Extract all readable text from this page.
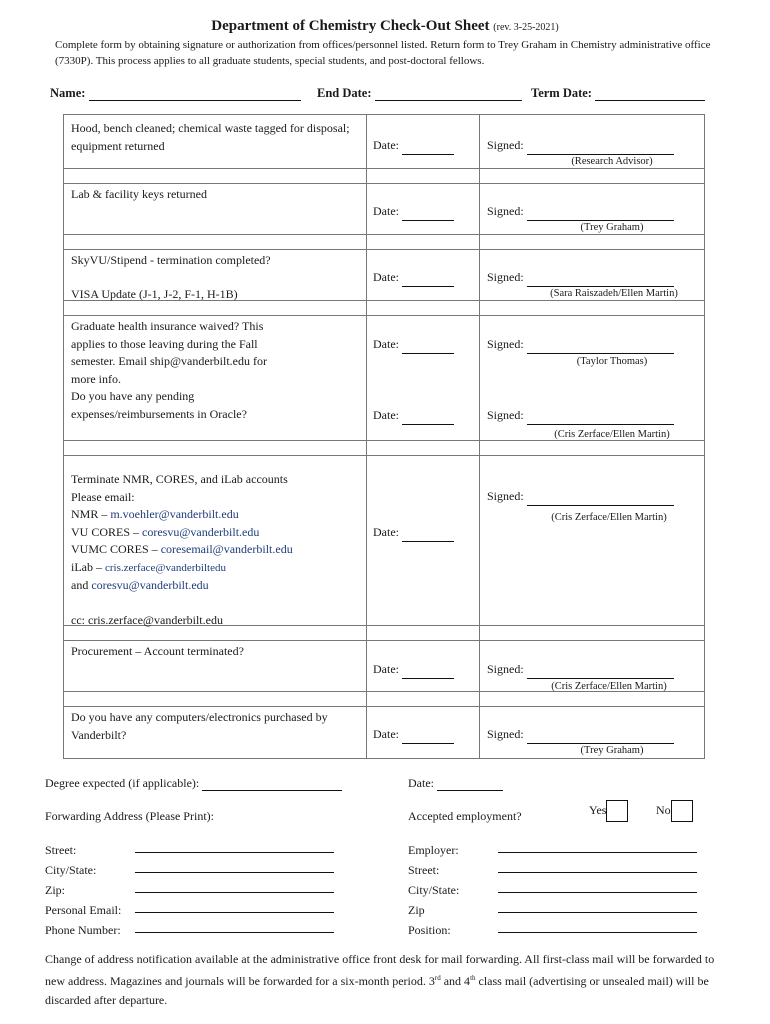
Department of Chemistry Check-Out Sheet (rev. 3-25-2021)
Complete form by obtaining signature or authorization from offices/personnel listed. Return form to Trey Graham in Chemistry administrative office (7330P). This process applies to all graduate students, special students, and post-doctoral fellows.
Name:	End Date:	Term Date:
Hood, bench cleaned; chemical waste tagged for disposal; equipment returned	Date:	Signed:
(Research Advisor)
Lab & facility keys returned
Date:	Signed:
(Trey Graham)
SkyVU/Stipend - termination completed?
VISA Update (J-1, J-2, F-1, H-1B)
Date:	Signed:
(Sara Raiszadeh/Ellen Martin)
Graduate health insurance waived? This applies to those leaving during the Fall semester. Email ship@vanderbilt.edu for more info.
Date:	Signed:
(Taylor Thomas)
Do you have any pending expenses/reimbursements in Oracle?	Date:	Signed:
(Cris Zerface/Ellen Martin)
Terminate NMR, CORES, and iLab accounts
Please email:
NMR – m.voehler@vanderbilt.edu
VU CORES – coresvu@vanderbilt.edu
VUMC CORES – coresemail@vanderbilt.edu
iLab – cris.zerface@vanderbiltedu
and coresvu@vanderbilt.edu
cc: cris.zerface@vanderbilt.edu
Date:
Signed:
(Cris Zerface/Ellen Martin)
Procurement – Account terminated?
Date:	Signed:
(Cris Zerface/Ellen Martin)
Do you have any computers/electronics purchased by Vanderbilt?	Date:	Signed:
(Trey Graham)
Degree expected (if applicable):	Date:
Forwarding Address (Please Print):	Accepted employment?	Yes	No
Street:
City/State:
Zip:
Personal Email:
Phone Number:
Employer:
Street:
City/State:
Zip
Position:
Change of address notification available at the administrative office front desk for mail forwarding. All first-class mail will be forwarded to new address. Magazines and journals will be forwarded for a six-month period. 3rd and 4th class mail (advertising or unsealed mail) will be discarded after departure.
